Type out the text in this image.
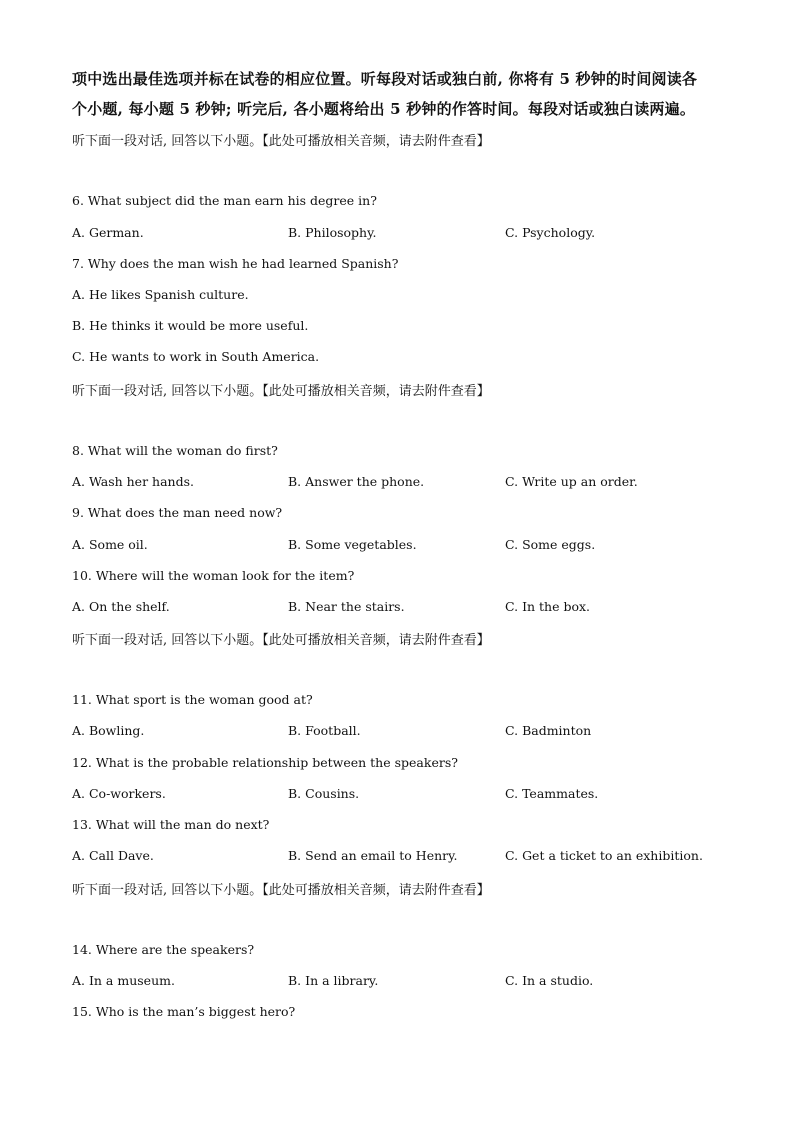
项中选出最佳选项并标在试卷的相应位置。听每段对话或独白前, 你将有 5 秒钟的时间阅读各
个小题, 每小题 5 秒钟; 听完后, 各小题将给出 5 秒钟的作答时间。每段对话或独白读两遍。
听下面一段对话, 回答以下小题。【此处可播放相关音频，请去附件查看】
6. What subject did the man earn his degree in?
A. German.	B. Philosophy.	C. Psychology.
7. Why does the man wish he had learned Spanish?
A. He likes Spanish culture.
B. He thinks it would be more useful.
C. He wants to work in South America.
听下面一段对话, 回答以下小题。【此处可播放相关音频，请去附件查看】
8. What will the woman do first?
A. Wash her hands.	B. Answer the phone.	C. Write up an order.
9. What does the man need now?
A. Some oil.	B. Some vegetables.	C. Some eggs.
10. Where will the woman look for the item?
A. On the shelf.	B. Near the stairs.	C. In the box.
听下面一段对话, 回答以下小题。【此处可播放相关音频，请去附件查看】
11. What sport is the woman good at?
A. Bowling.	B. Football.	C. Badminton
12. What is the probable relationship between the speakers?
A. Co-workers.	B. Cousins.	C. Teammates.
13. What will the man do next?
A. Call Dave.	B. Send an email to Henry.	C. Get a ticket to an exhibition.
听下面一段对话, 回答以下小题。【此处可播放相关音频，请去附件查看】
14. Where are the speakers?
A. In a museum.	B. In a library.	C. In a studio.
15. Who is the man’s biggest hero?
